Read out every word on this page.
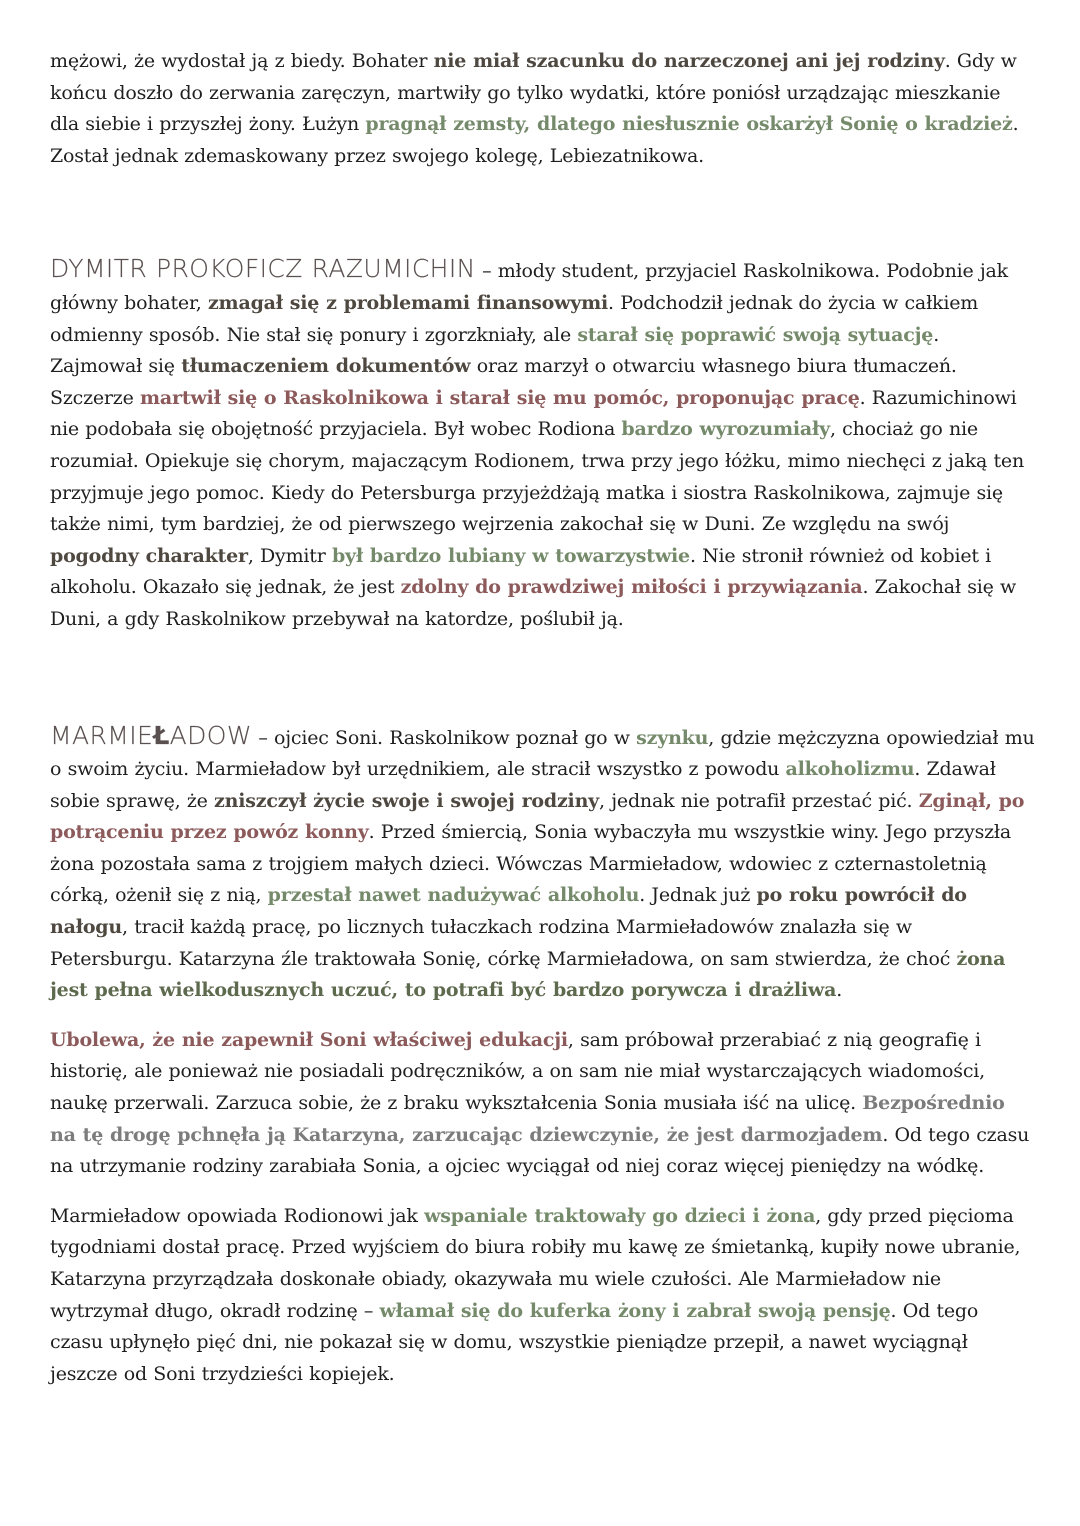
mężowi, że wydostał ją z biedy. Bohater nie miał szacunku do narzeczonej ani jej rodziny. Gdy w końcu doszło do zerwania zaręczyn, martwiły go tylko wydatki, które poniósł urządzając mieszkanie dla siebie i przyszłej żony. Łużyn pragnął zemsty, dlatego niesłusznie oskarżył Sonię o kradzież. Został jednak zdemaskowany przez swojego kolegę, Lebiezatnikowa.

DYMITR PROKOFICZ RAZUMICHIN – młody student, przyjaciel Raskolnikowa. Podobnie jak główny bohater, zmagał się z problemami finansowymi. Podchodził jednak do życia w całkiem odmienny sposób. Nie stał się ponury i zgorzkniały, ale starał się poprawić swoją sytuację. Zajmował się tłumaczeniem dokumentów oraz marzył o otwarciu własnego biura tłumaczeń. Szczerze martwił się o Raskolnikowa i starał się mu pomóc, proponując pracę. Razumichinowi nie podobała się obojętność przyjaciela. Był wobec Rodiona bardzo wyrozumiały, chociaż go nie rozumiał. Opiekuje się chorym, majaczącym Rodionem, trwa przy jego łóżku, mimo niechęci z jaką ten przyjmuje jego pomoc. Kiedy do Petersburga przyjeżdżają matka i siostra Raskolnikowa, zajmuje się także nimi, tym bardziej, że od pierwszego wejrzenia zakochał się w Duni. Ze względu na swój pogodny charakter, Dymitr był bardzo lubiany w towarzystwie. Nie stronił również od kobiet i alkoholu. Okazało się jednak, że jest zdolny do prawdziwej miłości i przywiązania. Zakochał się w Duni, a gdy Raskolnikow przebywał na katordze, poślubił ją.

MARMIEŁADOW – ojciec Soni. Raskolnikow poznał go w szynku, gdzie mężczyzna opowiedział mu o swoim życiu. Marmieładow był urzędnikiem, ale stracił wszystko z powodu alkoholizmu. Zdawał sobie sprawę, że zniszczył życie swoje i swojej rodziny, jednak nie potrafił przestać pić. Zginął, po potrąceniu przez powóz konny. Przed śmiercią, Sonia wybaczyła mu wszystkie winy. Jego przyszła żona pozostała sama z trojgiem małych dzieci. Wówczas Marmieładow, wdowiec z czternastoletnią córką, ożenił się z nią, przestał nawet nadużywać alkoholu. Jednak już po roku powrócił do nałogu, tracił każdą pracę, po licznych tułaczkach rodzina Marmieładowów znalazła się w Petersburgu. Katarzyna źle traktowała Sonię, córkę Marmieładowa, on sam stwierdza, że choć żona jest pełna wielkodusznych uczuć, to potrafi być bardzo porywcza i drażliwa.

Ubolewa, że nie zapewnił Soni właściwej edukacji, sam próbował przerabiać z nią geografię i historię, ale ponieważ nie posiadali podręczników, a on sam nie miał wystarczających wiadomości, naukę przerwali. Zarzuca sobie, że z braku wykształcenia Sonia musiała iść na ulicę. Bezpośrednio na tę drogę pchnęła ją Katarzyna, zarzucając dziewczynie, że jest darmozjadem. Od tego czasu na utrzymanie rodziny zarabiała Sonia, a ojciec wyciągał od niej coraz więcej pieniędzy na wódkę.

Marmieładow opowiada Rodionowi jak wspaniale traktowały go dzieci i żona, gdy przed pięcioma tygodniami dostał pracę. Przed wyjściem do biura robiły mu kawę ze śmietanką, kupiły nowe ubranie, Katarzyna przyrządzała doskonałe obiady, okazywała mu wiele czułości. Ale Marmieładow nie wytrzymał długo, okradł rodzinę – włamał się do kuferka żony i zabrał swoją pensję. Od tego czasu upłynęło pięć dni, nie pokazał się w domu, wszystkie pieniądze przepił, a nawet wyciągnął jeszcze od Soni trzydzieści kopiejek.
